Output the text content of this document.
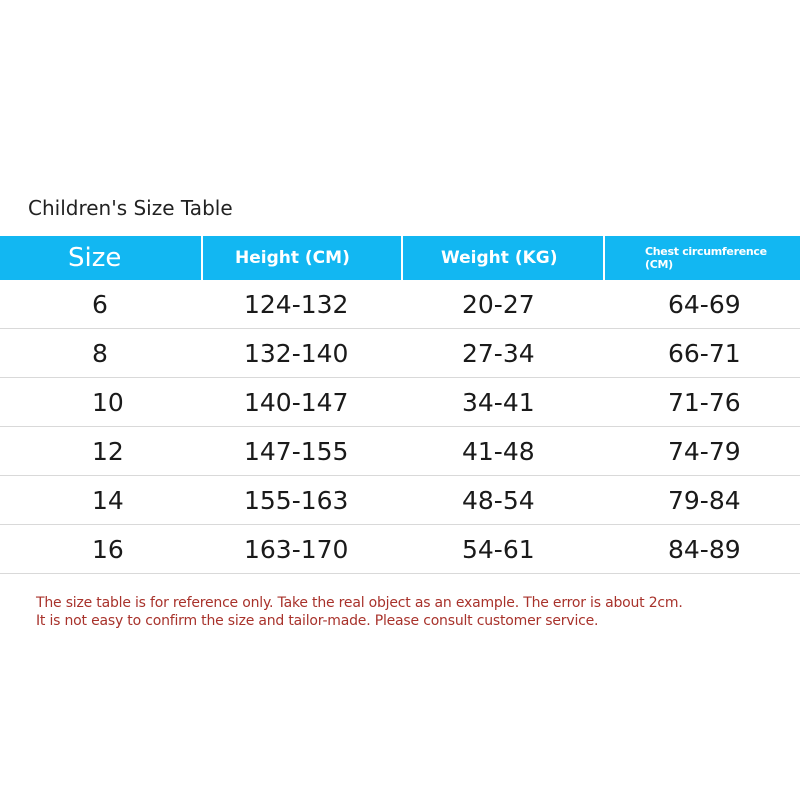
Children's Size Table
Size	Height (CM)	Weight (KG)	Chest circumference
(CM)

6	124-132	20-27	64-69
8	132-140	27-34	66-71
10	140-147	34-41	71-76
12	147-155	41-48	74-79
14	155-163	48-54	79-84
16	163-170	54-61	84-89
The size table is for reference only. Take the real object as an example. The error is about 2cm.
It is not easy to confirm the size and tailor-made. Please consult customer service.
